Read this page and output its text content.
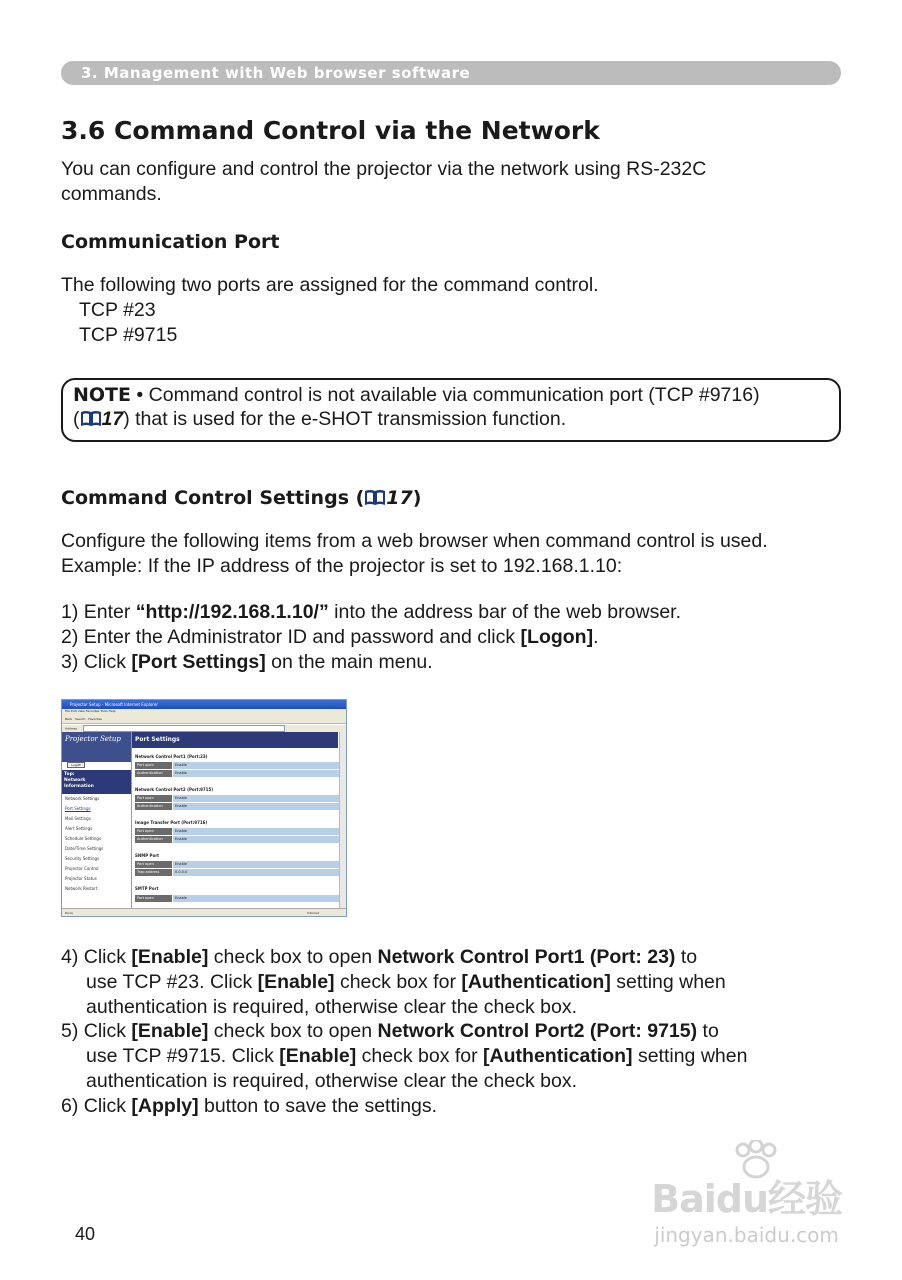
3. Management with Web browser software
3.6 Command Control via the Network
You can configure and control the projector via the network using RS-232C
commands.
Communication Port
The following two ports are assigned for the command control.
TCP #23
TCP #9715
NOTE • Command control is not available via communication port (TCP #9716)
( 17) that is used for the e-SHOT transmission function.
Command Control Settings ( 17)
Configure the following items from a web browser when command control is used.
Example: If the IP address of the projector is set to 192.168.1.10:
1) Enter “http://192.168.1.10/” into the address bar of the web browser.
2) Enter the Administrator ID and password and click [Logon].
3) Click [Port Settings] on the main menu.
Projector Setup - Microsoft Internet Explorer
File Edit View Favorites Tools Help
Back · Search · Favorites
Address
Projector Setup
Logoff
Top:
Network
Information
Network Settings
Port Settings
Mail Settings
Alert Settings
Schedule Settings
Date/Time Settings
Security Settings
Projector Control
Projector Status
Network Restart
Port Settings
Network Control Port1 (Port:23)
Port open	Enable
Authentication	Enable
Network Control Port2 (Port:9715)
Port open	Enable
Authentication	Enable
Image Transfer Port (Port:9716)
Port open	Enable
Authentication	Enable
SNMP Port
Port open	Enable
Trap address	0.0.0.0
SMTP Port
Port open	Enable
Done	Internet
4) Click [Enable] check box to open Network Control Port1 (Port: 23) to
use TCP #23. Click [Enable] check box for [Authentication] setting when
authentication is required, otherwise clear the check box.
5) Click [Enable] check box to open Network Control Port2 (Port: 9715) to
use TCP #9715. Click [Enable] check box for [Authentication] setting when
authentication is required, otherwise clear the check box.
6) Click [Apply] button to save the settings.
40
Baidu经验
jingyan.baidu.com
